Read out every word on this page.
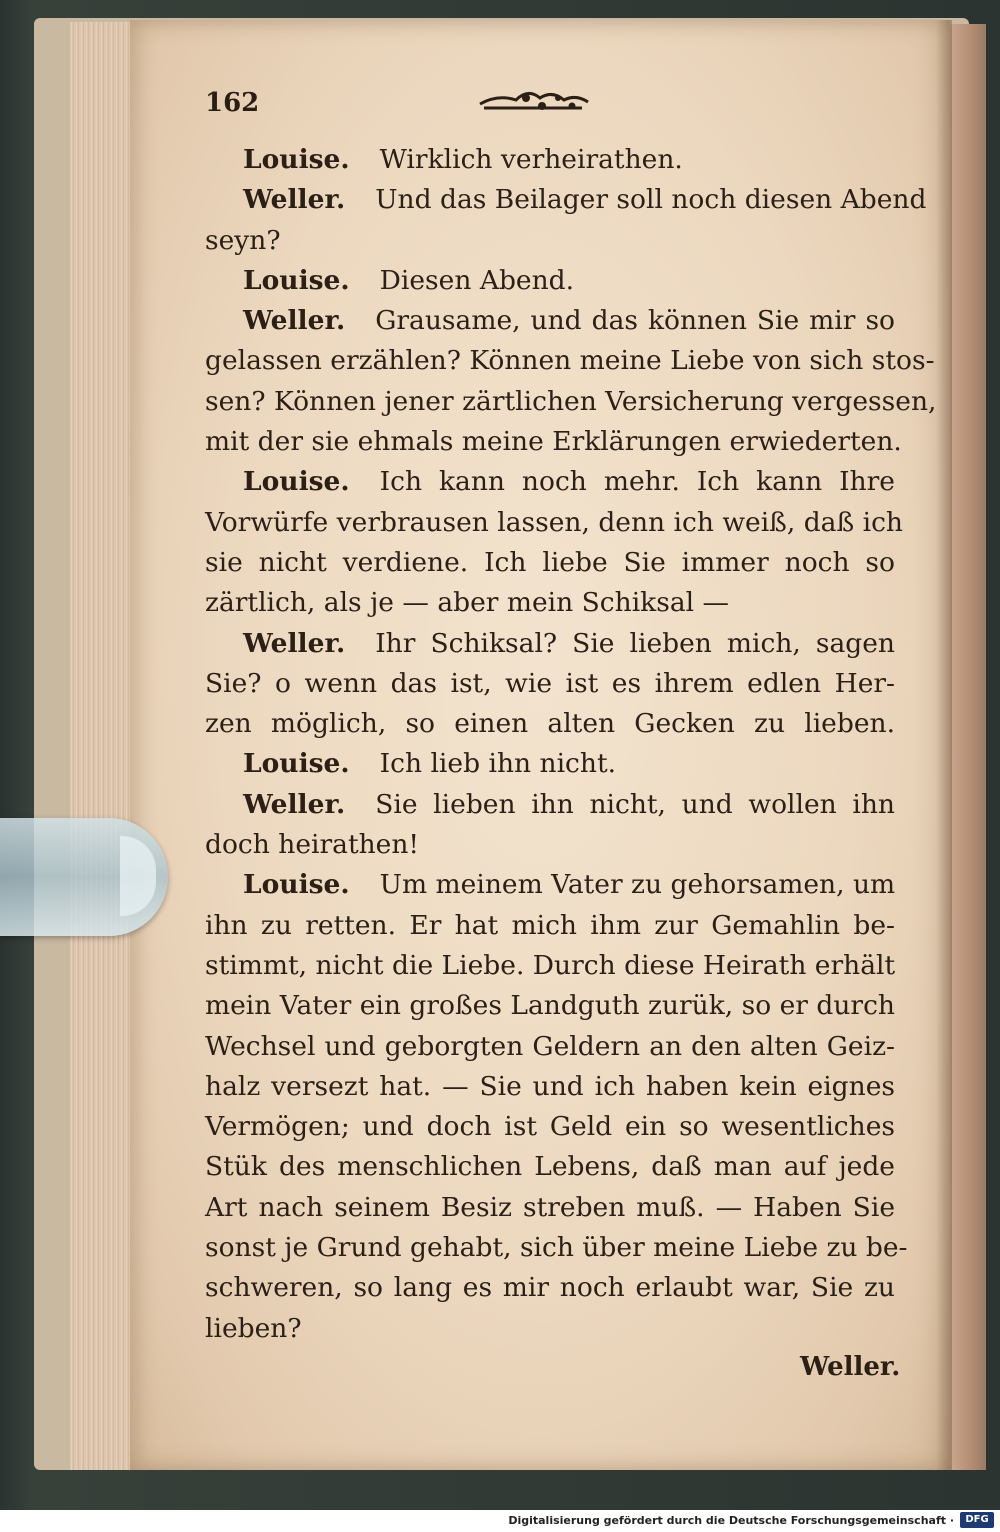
162
Louise. Wirklich verheirathen.
Weller. Und das Beilager soll noch diesen Abend
seyn?
Louise. Diesen Abend.
Weller. Grausame, und das können Sie mir so
gelassen erzählen? Können meine Liebe von sich stos-
sen? Können jener zärtlichen Versicherung vergessen,
mit der sie ehmals meine Erklärungen erwiederten.
Louise. Ich kann noch mehr. Ich kann Ihre
Vorwürfe verbrausen lassen, denn ich weiß, daß ich
sie nicht verdiene. Ich liebe Sie immer noch so
zärtlich, als je — aber mein Schiksal —
Weller. Ihr Schiksal? Sie lieben mich, sagen
Sie? o wenn das ist, wie ist es ihrem edlen Her-
zen möglich, so einen alten Gecken zu lieben.
Louise. Ich lieb ihn nicht.
Weller. Sie lieben ihn nicht, und wollen ihn
doch heirathen!
Louise. Um meinem Vater zu gehorsamen, um
ihn zu retten. Er hat mich ihm zur Gemahlin be-
stimmt, nicht die Liebe. Durch diese Heirath erhält
mein Vater ein großes Landguth zurük, so er durch
Wechsel und geborgten Geldern an den alten Geiz-
halz versezt hat. — Sie und ich haben kein eignes
Vermögen; und doch ist Geld ein so wesentliches
Stük des menschlichen Lebens, daß man auf jede
Art nach seinem Besiz streben muß. — Haben Sie
sonst je Grund gehabt, sich über meine Liebe zu be-
schweren, so lang es mir noch erlaubt war, Sie zu
lieben?
Weller.
Digitalisierung gefördert durch die Deutsche Forschungsgemeinschaft ·	DFG
